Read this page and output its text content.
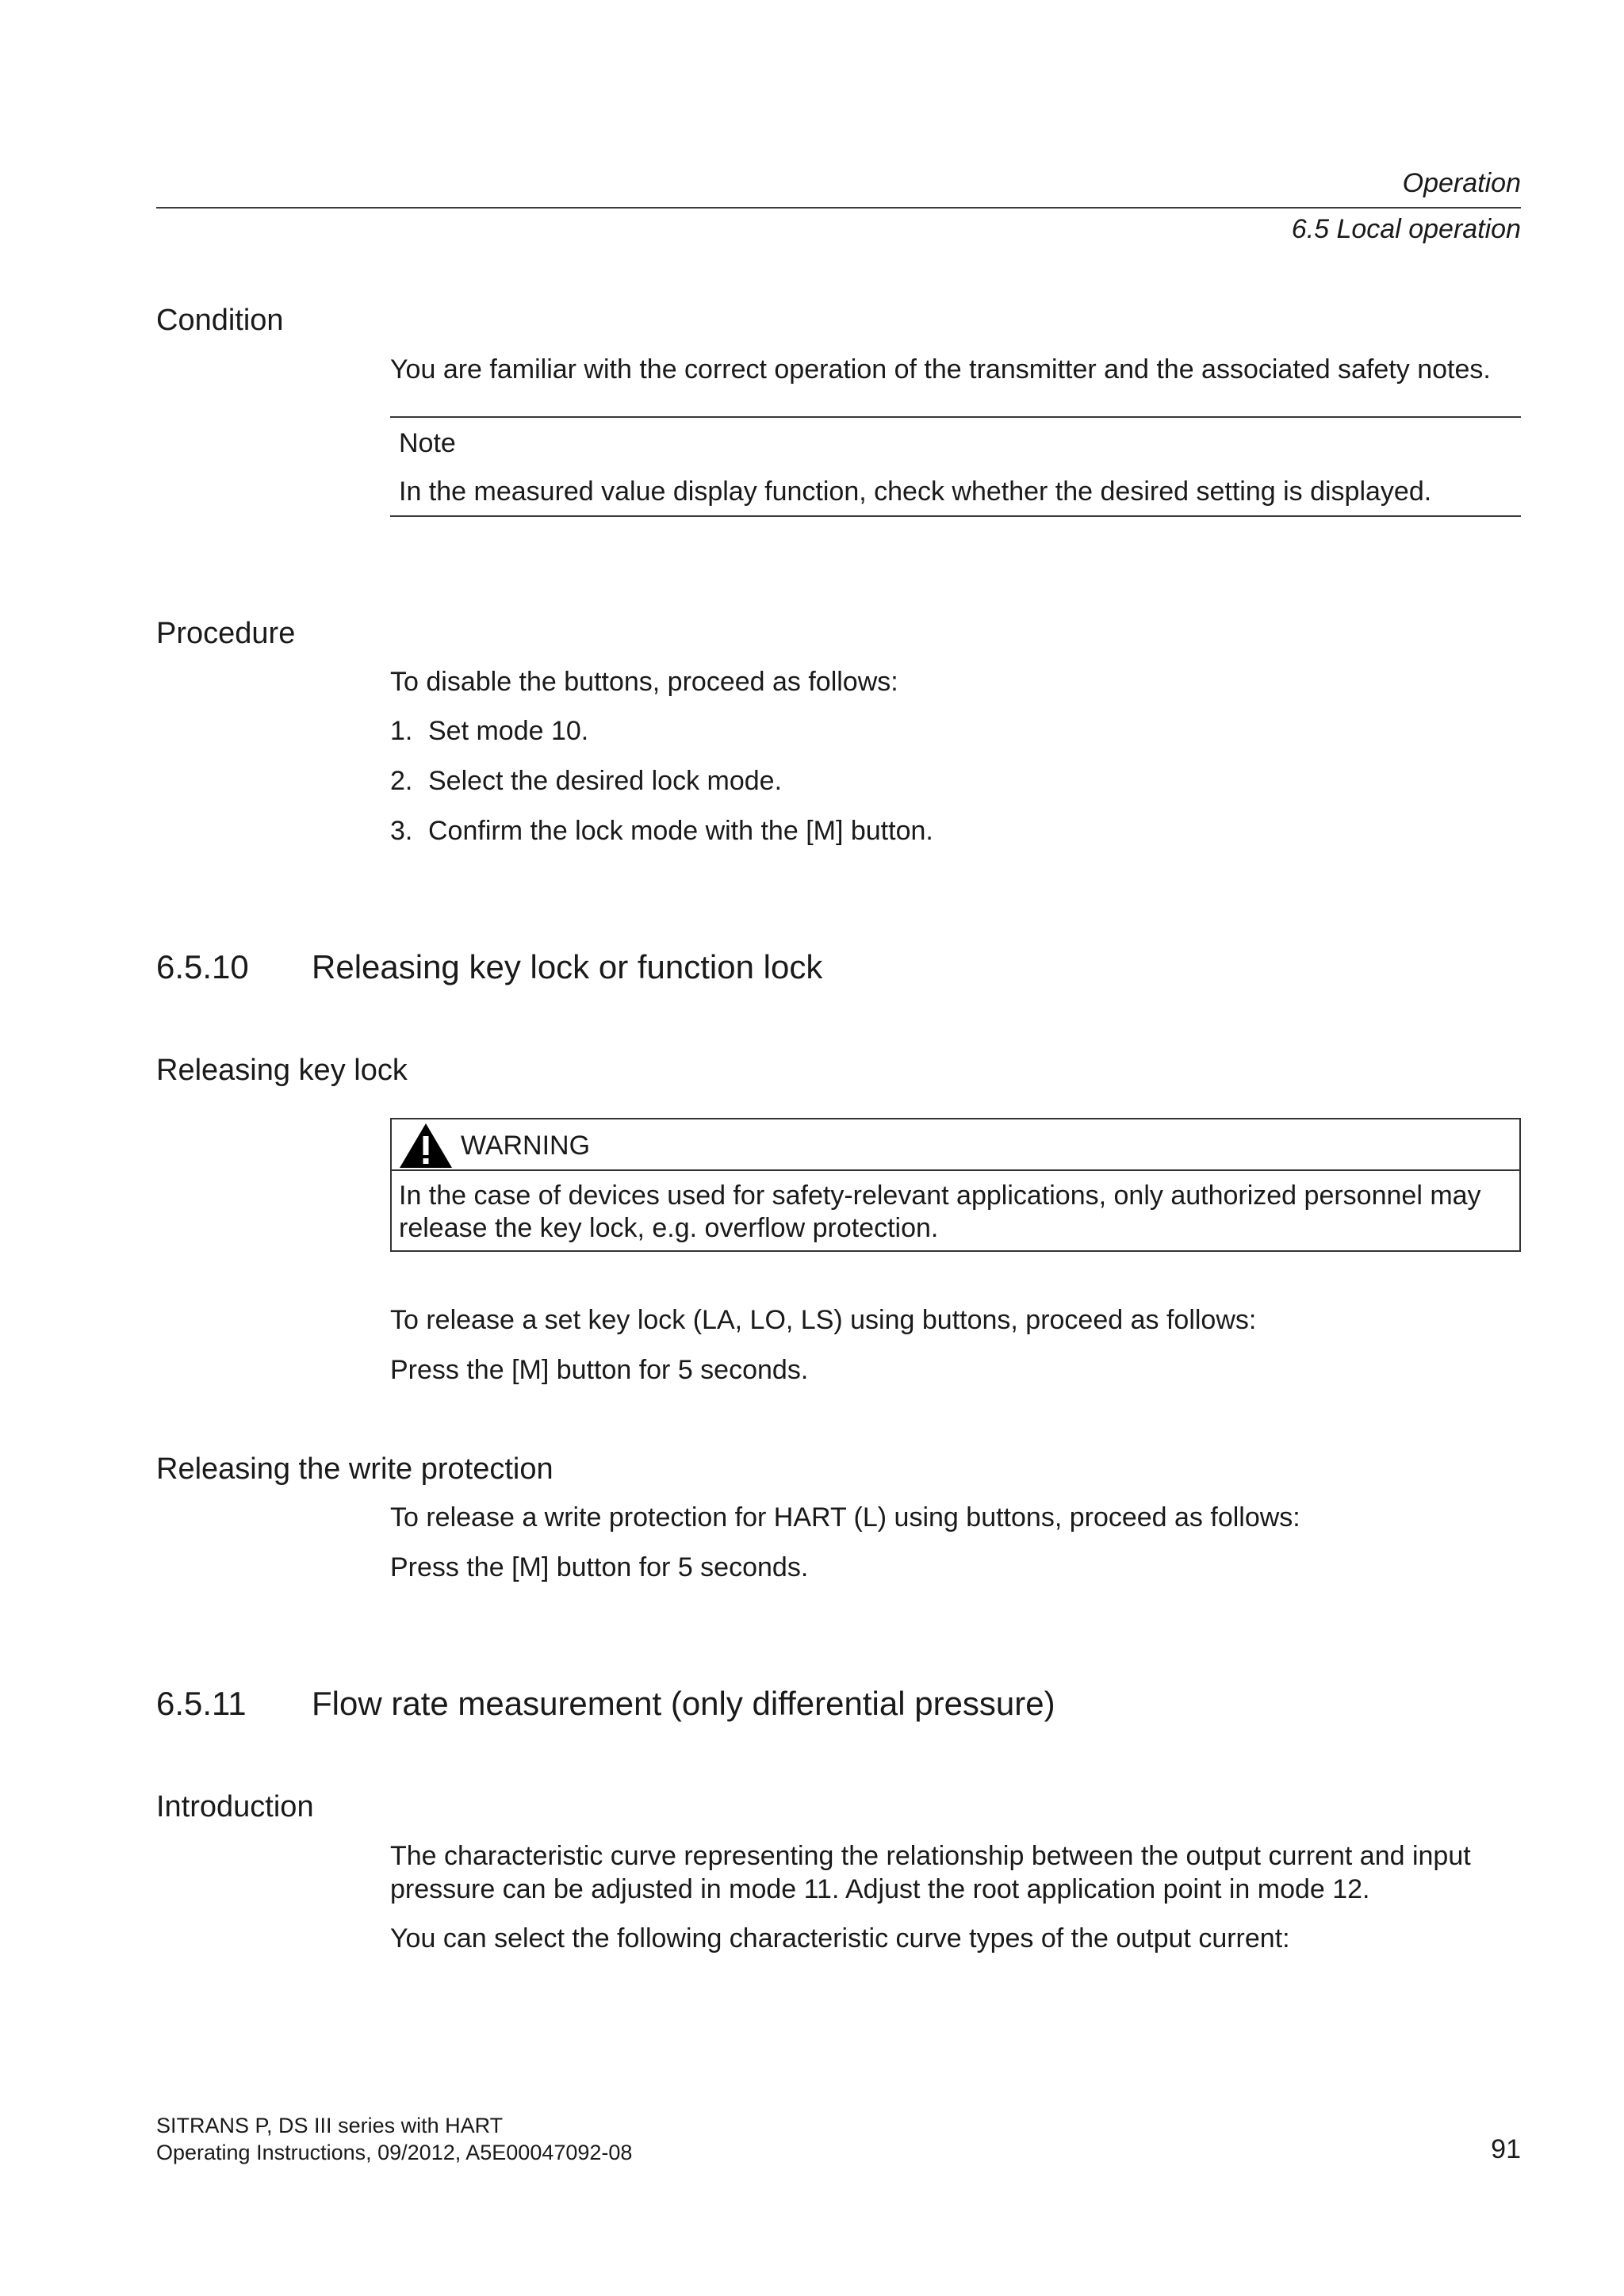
Operation
6.5 Local operation
Condition
You are familiar with the correct operation of the transmitter and the associated safety notes.
Note
In the measured value display function, check whether the desired setting is displayed.
Procedure
To disable the buttons, proceed as follows:
1. Set mode 10.
2. Select the desired lock mode.
3. Confirm the lock mode with the [M] button.
6.5.10 Releasing key lock or function lock
Releasing key lock
WARNING
In the case of devices used for safety-relevant applications, only authorized personnel may
release the key lock, e.g. overflow protection.
To release a set key lock (LA, LO, LS) using buttons, proceed as follows:
Press the [M] button for 5 seconds.
Releasing the write protection
To release a write protection for HART (L) using buttons, proceed as follows:
Press the [M] button for 5 seconds.
6.5.11 Flow rate measurement (only differential pressure)
Introduction
The characteristic curve representing the relationship between the output current and input
pressure can be adjusted in mode 11. Adjust the root application point in mode 12.
You can select the following characteristic curve types of the output current:
SITRANS P, DS III series with HART
Operating Instructions, 09/2012, A5E00047092-08	91
